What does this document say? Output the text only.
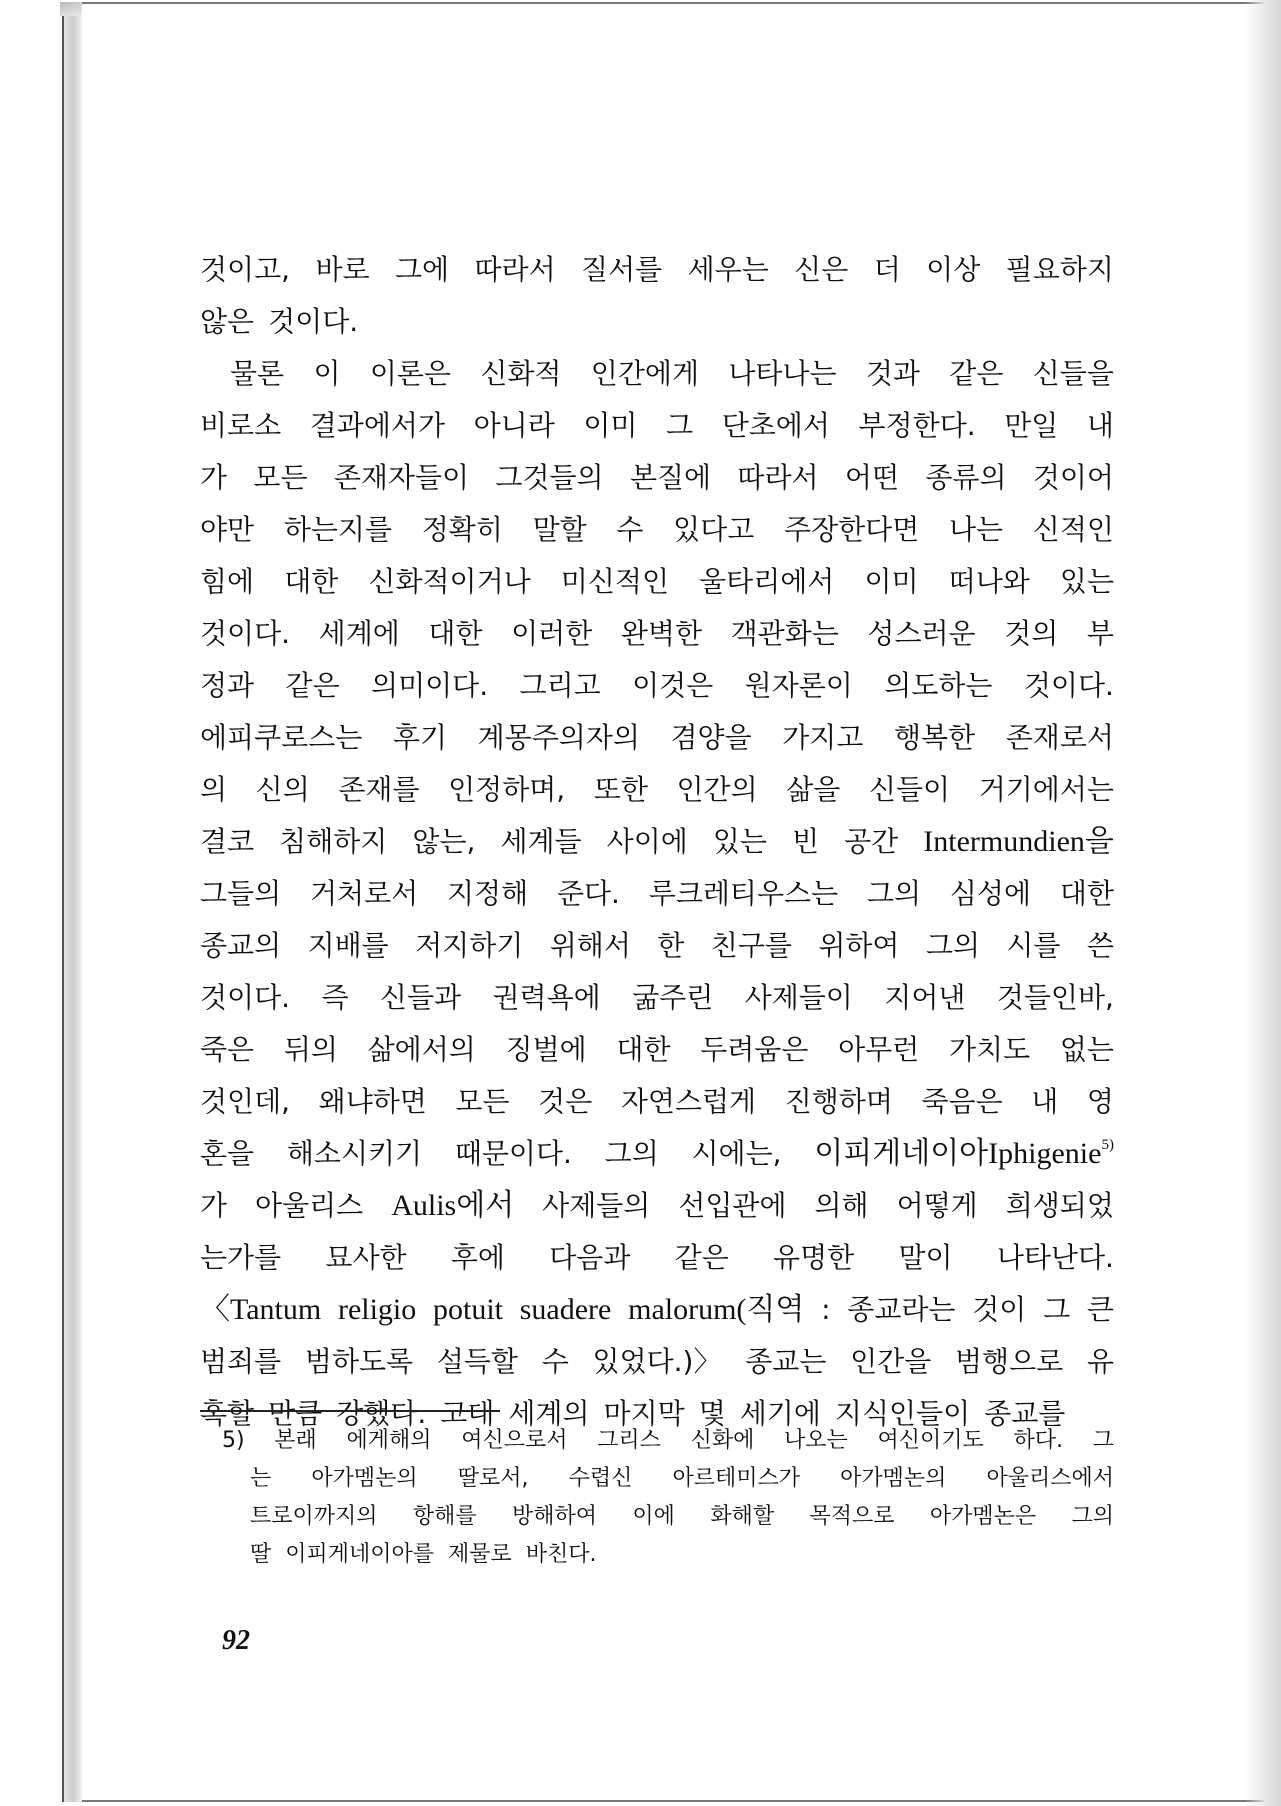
것이고, 바로 그에 따라서 질서를 세우는 신은 더 이상 필요하지
않은 것이다.
물론 이 이론은 신화적 인간에게 나타나는 것과 같은 신들을
비로소 결과에서가 아니라 이미 그 단초에서 부정한다. 만일 내
가 모든 존재자들이 그것들의 본질에 따라서 어떤 종류의 것이어
야만 하는지를 정확히 말할 수 있다고 주장한다면 나는 신적인
힘에 대한 신화적이거나 미신적인 울타리에서 이미 떠나와 있는
것이다. 세계에 대한 이러한 완벽한 객관화는 성스러운 것의 부
정과 같은 의미이다. 그리고 이것은 원자론이 의도하는 것이다.
에피쿠로스는 후기 계몽주의자의 겸양을 가지고 행복한 존재로서
의 신의 존재를 인정하며, 또한 인간의 삶을 신들이 거기에서는
결코 침해하지 않는, 세계들 사이에 있는 빈 공간 Intermundien을
그들의 거처로서 지정해 준다. 루크레티우스는 그의 심성에 대한
종교의 지배를 저지하기 위해서 한 친구를 위하여 그의 시를 쓴
것이다. 즉 신들과 권력욕에 굶주린 사제들이 지어낸 것들인바,
죽은 뒤의 삶에서의 징벌에 대한 두려움은 아무런 가치도 없는
것인데, 왜냐하면 모든 것은 자연스럽게 진행하며 죽음은 내 영
혼을 해소시키기 때문이다. 그의 시에는, 이피게네이아Iphigenie$^{5)}$
가 아울리스 Aulis에서 사제들의 선입관에 의해 어떻게 희생되었
는가를 묘사한 후에 다음과 같은 유명한 말이 나타난다.
〈Tantum religio potuit suadere malorum(직역 : 종교라는 것이 그 큰
범죄를 범하도록 설득할 수 있었다.)〉 종교는 인간을 범행으로 유
혹할 만큼 강했다. 고대 세계의 마지막 몇 세기에 지식인들이 종교를
5) 본래 에게해의 여신으로서 그리스 신화에 나오는 여신이기도 하다. 그
는 아가멤논의 딸로서, 수렵신 아르테미스가 아가멤논의 아울리스에서
트로이까지의 항해를 방해하여 이에 화해할 목적으로 아가멤논은 그의
딸 이피게네이아를 제물로 바친다.
92
